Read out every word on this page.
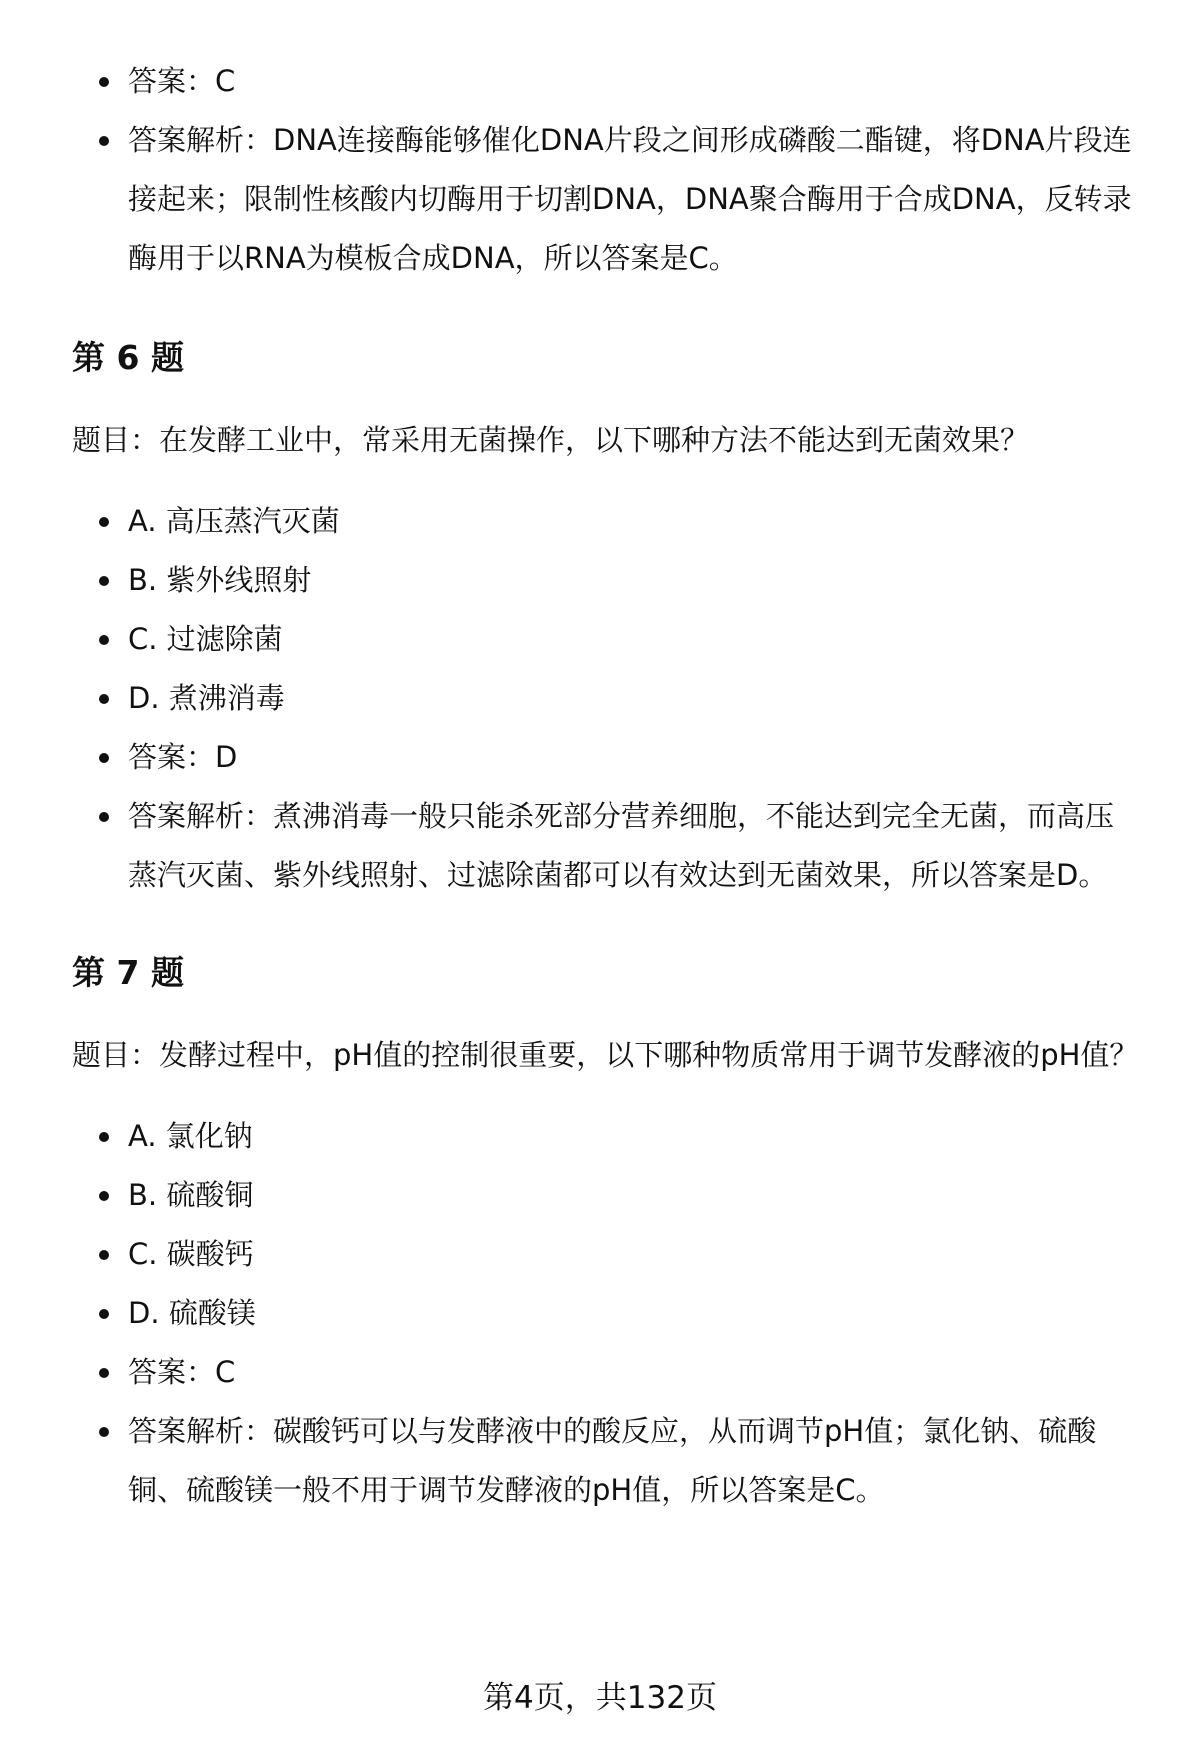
答案：C
答案解析：DNA连接酶能够催化DNA片段之间形成磷酸二酯键，将DNA片段连接起来；限制性核酸内切酶用于切割DNA，DNA聚合酶用于合成DNA，反转录酶用于以RNA为模板合成DNA，所以答案是C。
第 6 题

题目：在发酵工业中，常采用无菌操作，以下哪种方法不能达到无菌效果？

A. 高压蒸汽灭菌
B. 紫外线照射
C. 过滤除菌
D. 煮沸消毒
答案：D
答案解析：煮沸消毒一般只能杀死部分营养细胞，不能达到完全无菌，而高压蒸汽灭菌、紫外线照射、过滤除菌都可以有效达到无菌效果，所以答案是D。
第 7 题

题目：发酵过程中，pH值的控制很重要，以下哪种物质常用于调节发酵液的pH值？

A. 氯化钠
B. 硫酸铜
C. 碳酸钙
D. 硫酸镁
答案：C
答案解析：碳酸钙可以与发酵液中的酸反应，从而调节pH值；氯化钠、硫酸铜、硫酸镁一般不用于调节发酵液的pH值，所以答案是C。
第4页，共132页
